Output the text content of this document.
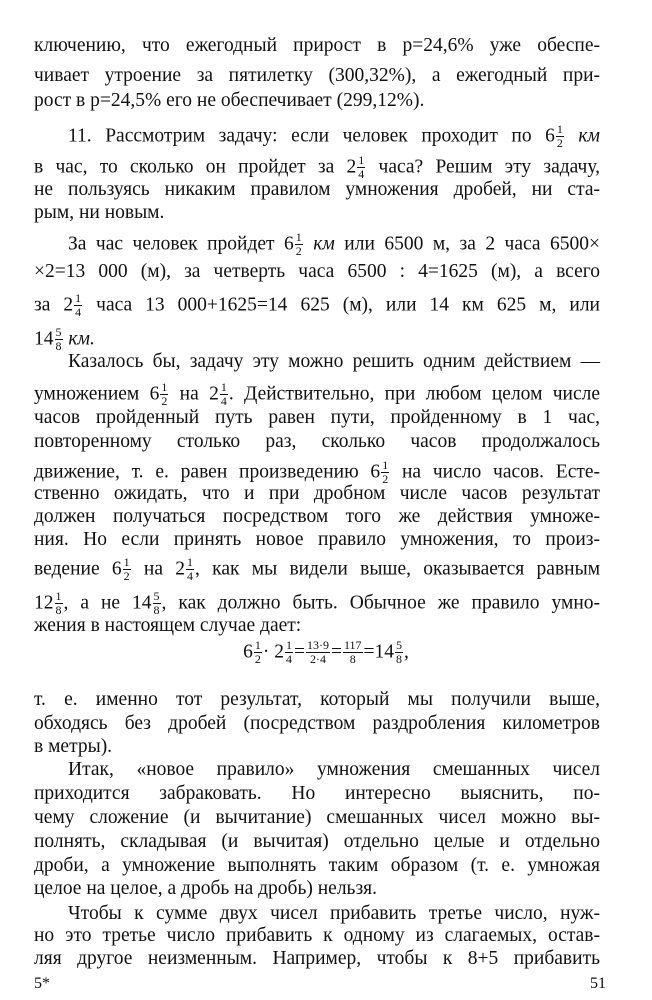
ключению, что ежегодный прирост в р=24,6% уже обеспе-
чивает утроение за пятилетку (300,32%), а ежегодный при-
рост в р=24,5% его не обеспечивает (299,12%).
11. Рассмотрим задачу: если человек проходит по $6 \frac{1}{2}$ км
в час, то сколько он пройдет за $2 \frac{1}{4}$ часа? Решим эту задачу,
не пользуясь никаким правилом умножения дробей, ни ста-
рым, ни новым.
За час человек пройдет $6 \frac{1}{2}$ км или 6500 м, за 2 часа 6500×
×2=13 000 (м), за четверть часа 6500 : 4=1625 (м), а всего
за $2 \frac{1}{4}$ часа 13 000+1625=14 625 (м), или 14 км 625 м, или
$14 \frac{5}{8}$ км.
Казалось бы, задачу эту можно решить одним действием —
умножением $6 \frac{1}{2}$ на $2 \frac{1}{4}$ . Действительно, при любом целом числе
часов пройденный путь равен пути, пройденному в 1 час,
повторенному столько раз, сколько часов продолжалось
движение, т. е. равен произведению $6 \frac{1}{2}$ на число часов. Есте-
ственно ожидать, что и при дробном числе часов результат
должен получаться посредством того же действия умноже-
ния. Но если принять новое правило умножения, то произ-
ведение $6 \frac{1}{2}$ на $2 \frac{1}{4}$ , как мы видели выше, оказывается равным
$12 \frac{1}{8}$ , а не $14 \frac{5}{8}$ , как должно быть. Обычное же правило умно-
жения в настоящем случае дает:
$6 \frac{1}{2} \cdot 2 \frac{1}{4} = \frac{13\cdot 9}{2\cdot 4} = \frac{117}{8} =14 \frac{5}{8}$ ,
т. е. именно тот результат, который мы получили выше,
обходясь без дробей (посредством раздробления километров
в метры).
Итак, «новое правило» умножения смешанных чисел
приходится забраковать. Но интересно выяснить, по-
чему сложение (и вычитание) смешанных чисел можно вы-
полнять, складывая (и вычитая) отдельно целые и отдельно
дроби, а умножение выполнять таким образом (т. е. умножая
целое на целое, а дробь на дробь) нельзя.
Чтобы к сумме двух чисел прибавить третье число, нуж-
но это третье число прибавить к одному из слагаемых, остав-
ляя другое неизменным. Например, чтобы к 8+5 прибавить
5*	51
